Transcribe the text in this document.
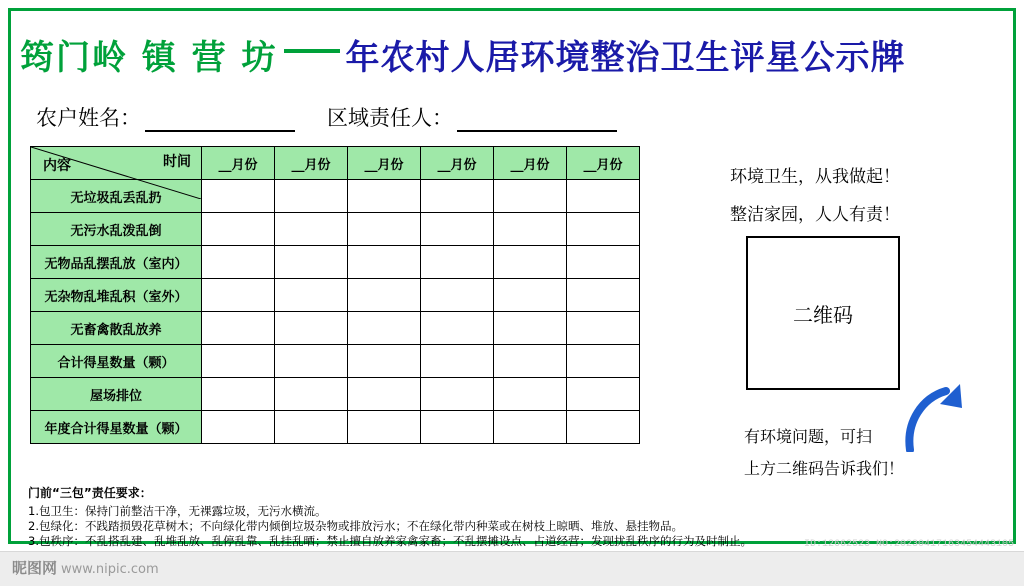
筠门岭 镇 营 坊 年农村人居环境整治卫生评星公示牌
农户姓名：	区域责任人：
时间
内容	__月份	__月份	__月份	__月份	__月份	__月份
无垃圾乱丢乱扔						
无污水乱泼乱倒						
无物品乱摆乱放（室内）						
无杂物乱堆乱积（室外）						
无畜禽散乱放养						
合计得星数量（颗）						
屋场排位						
年度合计得星数量（颗）						
环境卫生，从我做起！
整洁家园，人人有责！
二维码
有环境问题，可扫
上方二维码告诉我们！
门前“三包”责任要求：
1.包卫生：保持门前整洁干净，无裸露垃圾，无污水横流。
2.包绿化：不践踏损毁花草树木；不向绿化带内倾倒垃圾杂物或排放污水；不在绿化带内种菜或在树枝上晾晒、堆放、悬挂物品。
3.包秩序：不乱搭乱建、乱堆乱放、乱停乱靠、乱挂乱晒；禁止擅自放养家禽家畜；不乱摆摊设点、占道经营；发现扰乱秩序的行为及时制止。
昵图网 www.nipic.com
ID:12662523 NO:20230417163454443105
